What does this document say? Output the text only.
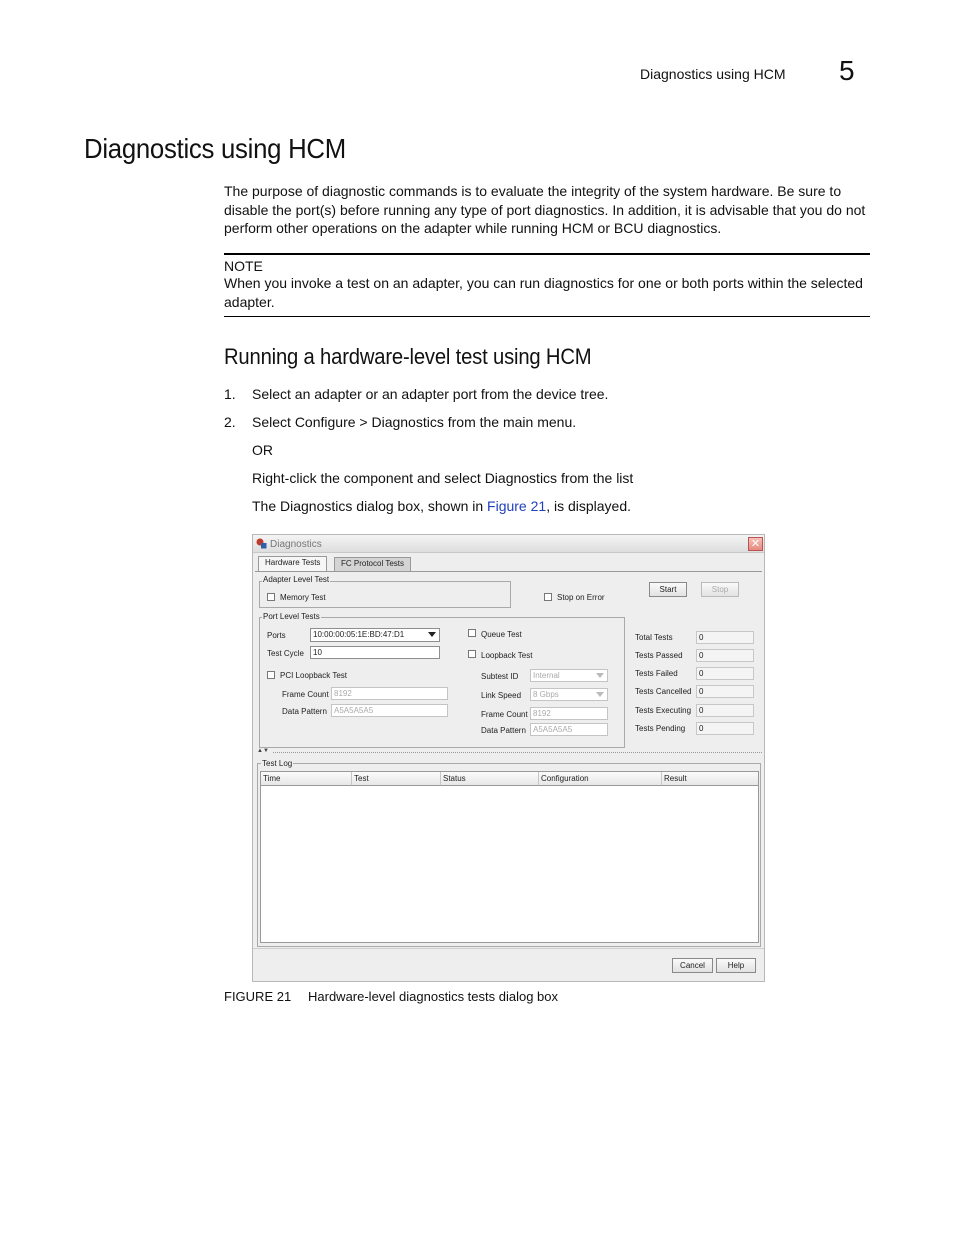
Diagnostics using HCM 5
Diagnostics using HCM

The purpose of diagnostic commands is to evaluate the integrity of the system hardware. Be sure to disable the port(s) before running any type of port diagnostics. In addition, it is advisable that you do not perform other operations on the adapter while running HCM or BCU diagnostics.

NOTE
When you invoke a test on an adapter, you can run diagnostics for one or both ports within the selected adapter.
Running a hardware-level test using HCM
1. Select an adapter or an adapter port from the device tree.
2. Select Configure > Diagnostics from the main menu.
OR
Right-click the component and select Diagnostics from the list
The Diagnostics dialog box, shown in Figure 21, is displayed.
Diagnostics	✕
Hardware Tests	FC Protocol Tests
Adapter Level Test
Memory Test	Stop on Error
Start	Stop
Port Level Tests
Ports	10:00:00:05:1E:BD:47:D1
Test Cycle	10
PCI Loopback Test
Frame Count 8192
Data Pattern A5A5A5A5
Queue Test
Loopback Test
Subtest ID	Internal
Link Speed	8 Gbps
Frame Count 8192
Data Pattern A5A5A5A5
Total Tests	0
Tests Passed	0
Tests Failed	0
Tests Cancelled 0
Tests Executing 0
Tests Pending	0
▲▼
Test Log
Time	Test	Status	Configuration	Result
Cancel	Help
FIGURE 21 Hardware-level diagnostics tests dialog box
